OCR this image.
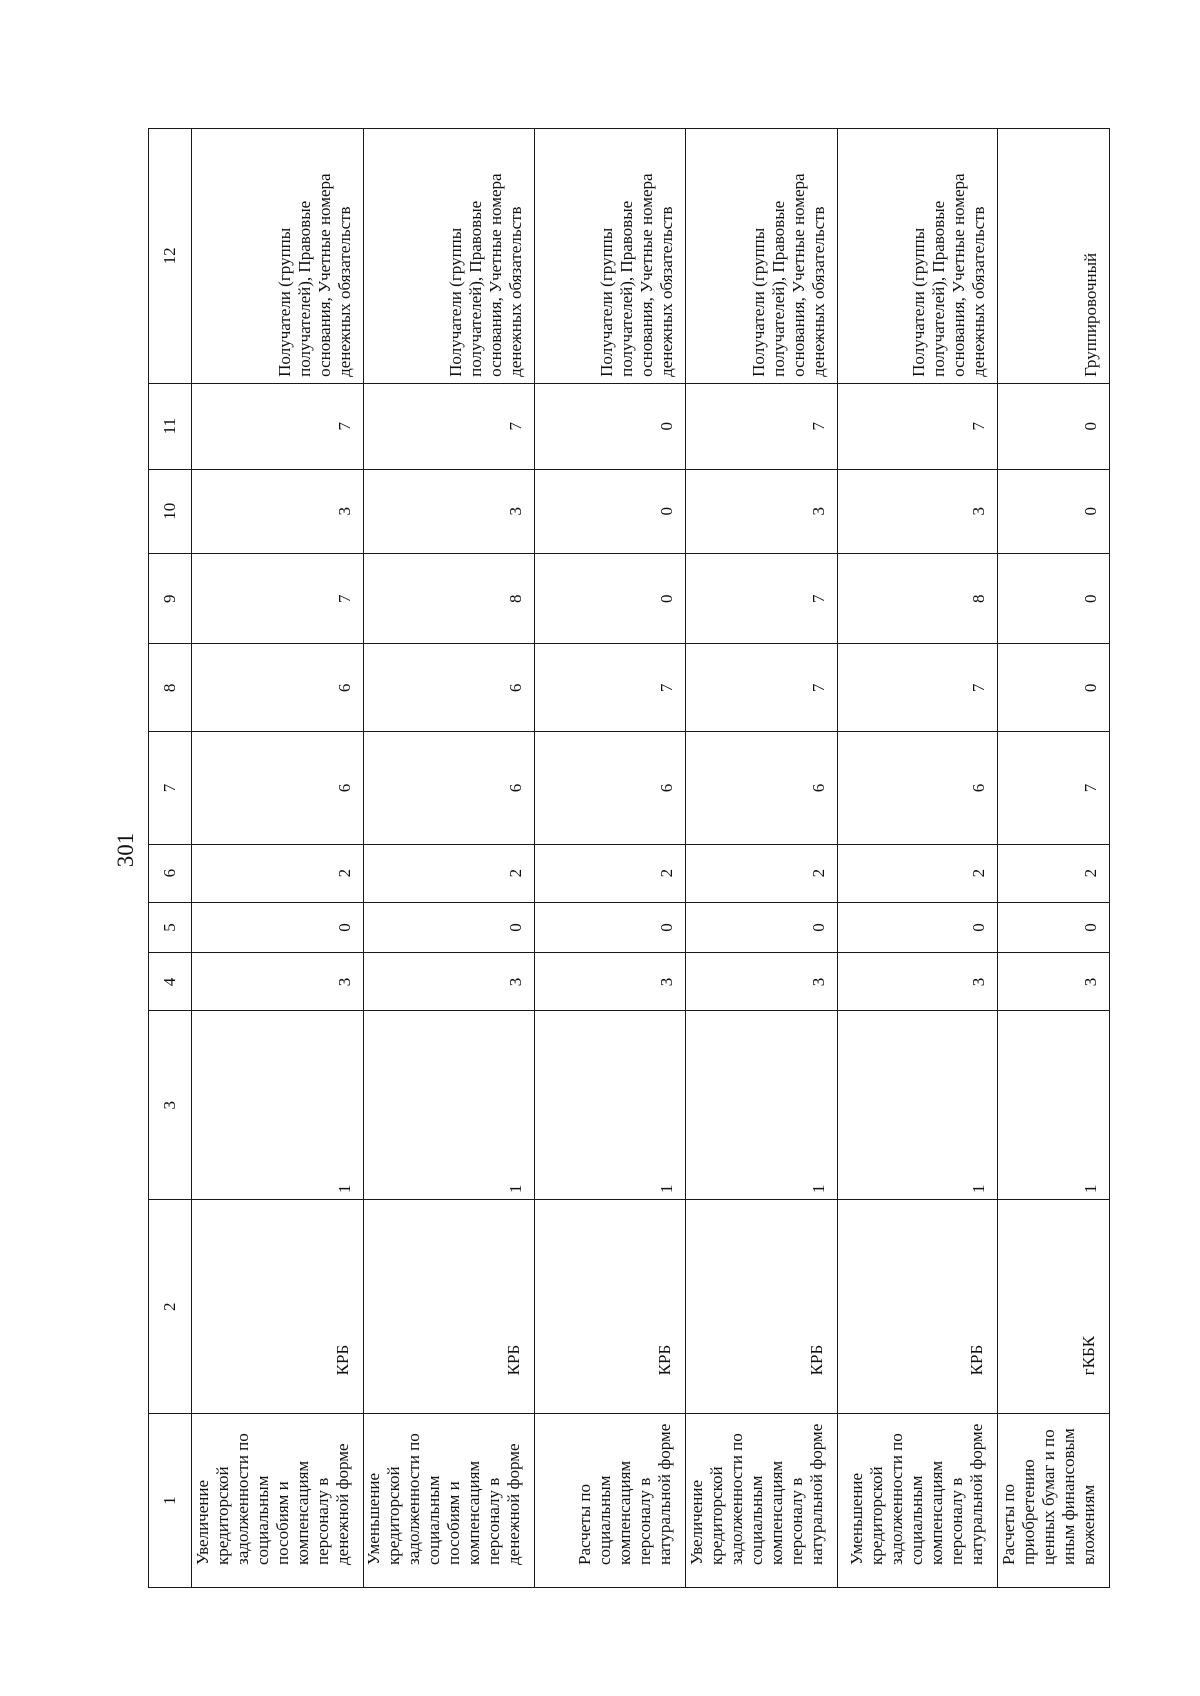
301
1	2	3	4	5	6	7	8	9	10	11	12
Увеличение кредиторской задолженности по социальным пособиям и компенсациям персоналу в денежной форме	КРБ	1	3	0	2	6	6	7	3	7	Получатели (группы получателей), Правовые основания, Учетные номера денежных обязательств
Уменьшение кредиторской задолженности по социальным пособиям и компенсациям персоналу в денежной форме	КРБ	1	3	0	2	6	6	8	3	7	Получатели (группы получателей), Правовые основания, Учетные номера денежных обязательств
Расчеты по социальным компенсациям персоналу в натуральной форме	КРБ	1	3	0	2	6	7	0	0	0	Получатели (группы получателей), Правовые основания, Учетные номера денежных обязательств
Увеличение кредиторской задолженности по социальным компенсациям персоналу в натуральной форме	КРБ	1	3	0	2	6	7	7	3	7	Получатели (группы получателей), Правовые основания, Учетные номера денежных обязательств
Уменьшение кредиторской задолженности по социальным компенсациям персоналу в натуральной форме	КРБ	1	3	0	2	6	7	8	3	7	Получатели (группы получателей), Правовые основания, Учетные номера денежных обязательств
Расчеты по приобретению ценных бумаг и по иным финансовым вложениям	гКБК	1	3	0	2	7	0	0	0	0	Группировочный
